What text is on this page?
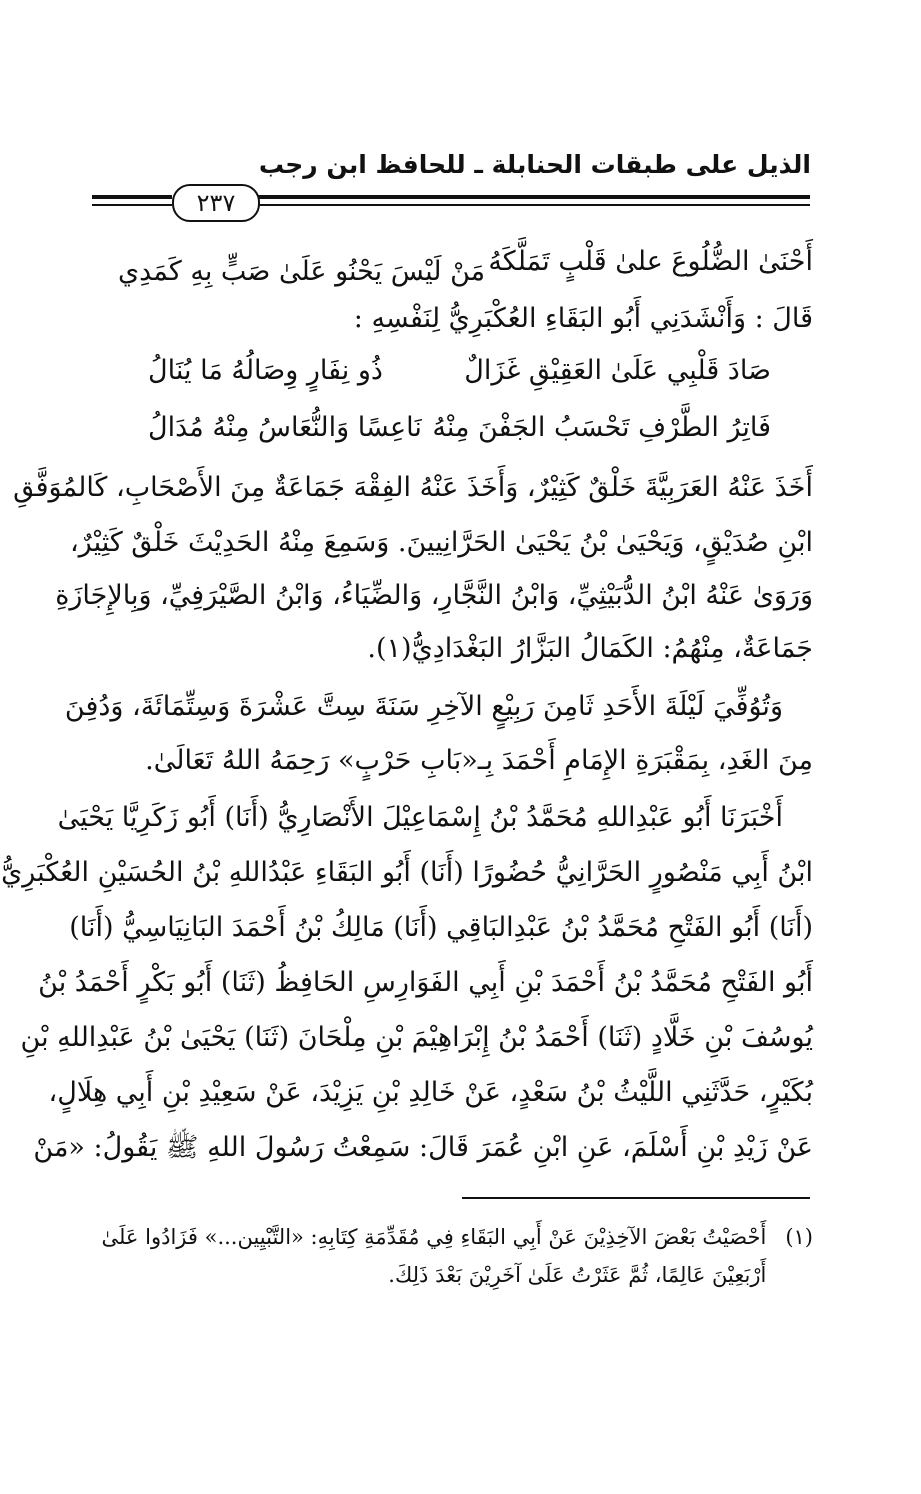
الذيل على طبقات الحنابلة ـ للحافظ ابن رجب
٢٣٧
أَحْنَىٰ الضُّلُوعَ علىٰ قَلْبٍ تَمَلَّكَهُ
مَنْ لَيْسَ يَحْنُو عَلَىٰ صَبٍّ بِهِ كَمَدِي
قَالَ : وَأَنْشَدَنِي أَبُو البَقَاءِ العُكْبَرِيُّ لِنَفْسِهِ :
صَادَ قَلْبِي عَلَىٰ العَقِيْقِ غَزَالٌ
ذُو نِفَارٍ وِصَالُهُ مَا يُنَالُ
فَاتِرُ الطَّرْفِ تَحْسَبُ الجَفْنَ مِنْهُ
نَاعِسًا وَالنُّعَاسُ مِنْهُ مُدَالُ
أَخَذَ عَنْهُ العَرَبِيَّةَ خَلْقٌ كَثِيْرٌ، وَأَخَذَ عَنْهُ الفِقْهَ جَمَاعَةٌ مِنَ الأَصْحَابِ، كَالمُوَفَّقِ
ابْنِ صُدَيْقٍ، وَيَحْيَىٰ بْنُ يَحْيَىٰ الحَرَّانِيينَ. وَسَمِعَ مِنْهُ الحَدِيْثَ خَلْقٌ كَثِيْرٌ،
وَرَوَىٰ عَنْهُ ابْنُ الدُّبَيْثِيِّ، وَابْنُ النَّجَّارِ، وَالضِّيَاءُ، وَابْنُ الصَّيْرَفِيِّ، وَبِالإِجَازَةِ
جَمَاعَةٌ، مِنْهُمُ: الكَمَالُ البَزَّارُ البَغْدَادِيُّ(١).
وَتُوُفِّيَ لَيْلَةَ الأَحَدِ ثَامِنَ رَبِيْعٍ الآخِرِ سَنَةَ سِتَّ عَشْرَةَ وَسِتِّمَائَةَ، وَدُفِنَ
مِنَ الغَدِ، بِمَقْبَرَةِ الإِمَامِ أَحْمَدَ بِـ«بَابِ حَرْبٍ» رَحِمَهُ اللهُ تَعَالَىٰ.
أَخْبَرَنَا أَبُو عَبْدِاللهِ مُحَمَّدُ بْنُ إِسْمَاعِيْلَ الأَنْصَارِيُّ (أَنَا) أَبُو زَكَرِيَّا يَحْيَىٰ
ابْنُ أَبِي مَنْصُورٍ الحَرَّانِيُّ حُضُورًا (أَنَا) أَبُو البَقَاءِ عَبْدُاللهِ بْنُ الحُسَيْنِ العُكْبَرِيُّ
(أَنَا) أَبُو الفَتْحِ مُحَمَّدُ بْنُ عَبْدِالبَاقِي (أَنَا) مَالِكُ بْنُ أَحْمَدَ البَانِيَاسِيُّ (أَنَا)
أَبُو الفَتْحِ مُحَمَّدُ بْنُ أَحْمَدَ بْنِ أَبِي الفَوَارِسِ الحَافِظُ (ثَنَا) أَبُو بَكْرٍ أَحْمَدُ بْنُ
يُوسُفَ بْنِ خَلَّادٍ (ثَنَا) أَحْمَدُ بْنُ إِبْرَاهِيْمَ بْنِ مِلْحَانَ (ثَنَا) يَحْيَىٰ بْنُ عَبْدِاللهِ بْنِ
بُكَيْرٍ، حَدَّثَنِي اللَّيْثُ بْنُ سَعْدٍ، عَنْ خَالِدِ بْنِ يَزِيْدَ، عَنْ سَعِيْدِ بْنِ أَبِي هِلَالٍ،
عَنْ زَيْدِ بْنِ أَسْلَمَ، عَنِ ابْنِ عُمَرَ قَالَ: سَمِعْتُ رَسُولَ اللهِ ﷺ يَقُولُ: «مَنْ
(١) أَحْصَيْتُ بَعْضَ الآخِذِيْنَ عَنْ أَبِي البَقَاءِ فِي مُقَدِّمَةِ كِتَابِهِ: «التَّبْيِين...» فَزَادُوا عَلَىٰ
أَرْبَعِيْنَ عَالِمًا، ثُمَّ عَثَرْتُ عَلَىٰ آخَرِيْنَ بَعْدَ ذَلِكَ.
